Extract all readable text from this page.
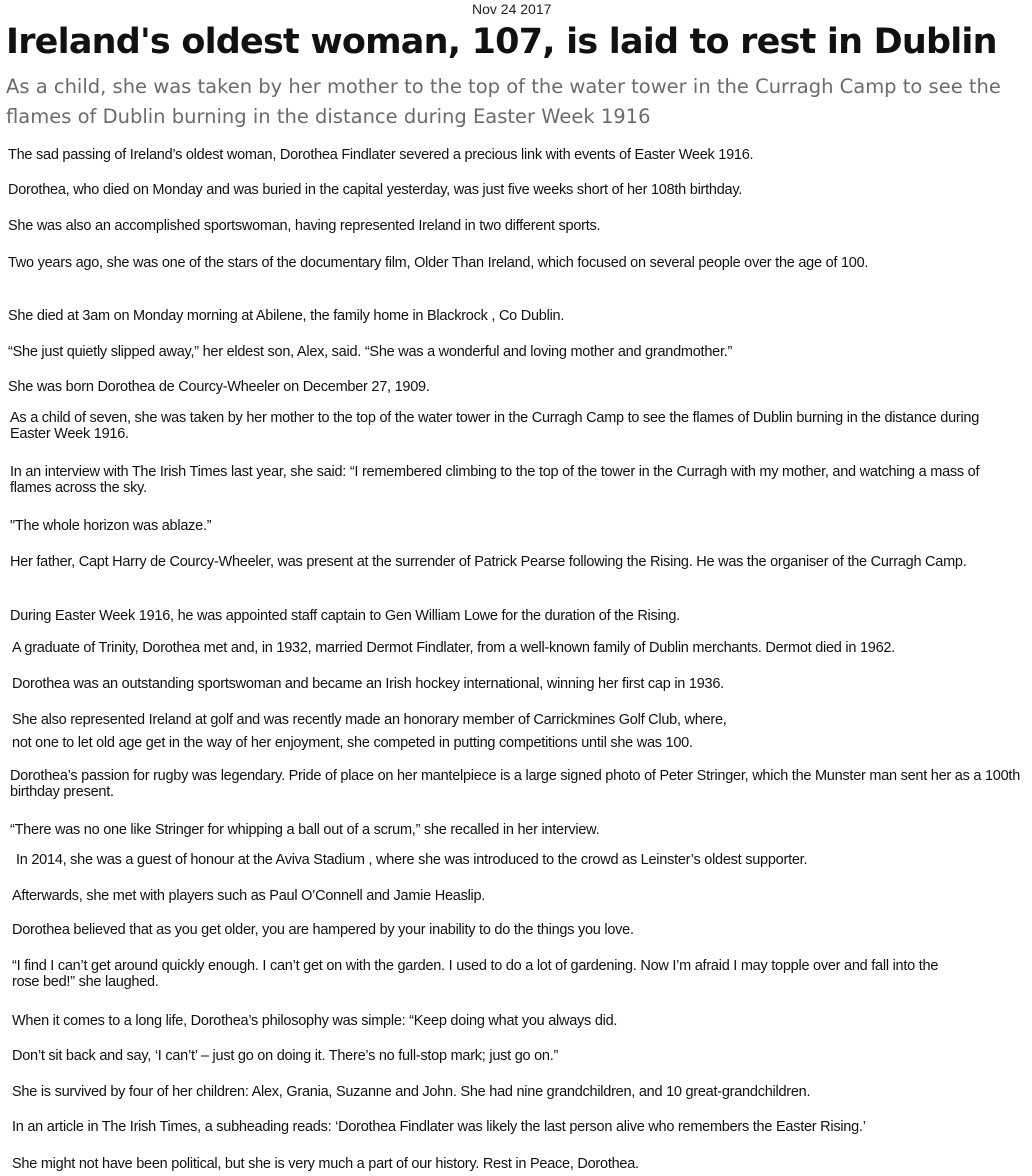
Nov 24 2017
Ireland's oldest woman, 107, is laid to rest in Dublin
As a child, she was taken by her mother to the top of the water tower in the Curragh Camp to see the flames of Dublin burning in the distance during Easter Week 1916

The sad passing of Ireland’s oldest woman, Dorothea Findlater severed a precious link with events of Easter Week 1916.

Dorothea, who died on Monday and was buried in the capital yesterday, was just five weeks short of her 108th birthday.

She was also an accomplished sportswoman, having represented Ireland in two different sports.

Two years ago, she was one of the stars of the documentary film, Older Than Ireland, which focused on several people over the age of 100.

She died at 3am on Monday morning at Abilene, the family home in Blackrock , Co Dublin.

“She just quietly slipped away,” her eldest son, Alex, said. “She was a wonderful and loving mother and grandmother.”

She was born Dorothea de Courcy-Wheeler on December 27, 1909.

As a child of seven, she was taken by her mother to the top of the water tower in the Curragh Camp to see the flames of Dublin burning in the distance during Easter Week 1916.

In an interview with The Irish Times last year, she said: “I remembered climbing to the top of the tower in the Curragh with my mother, and watching a mass of flames across the sky.

"The whole horizon was ablaze.”

Her father, Capt Harry de Courcy-Wheeler, was present at the surrender of Patrick Pearse following the Rising. He was the organiser of the Curragh Camp.

During Easter Week 1916, he was appointed staff captain to Gen William Lowe for the duration of the Rising.

A graduate of Trinity, Dorothea met and, in 1932, married Dermot Findlater, from a well-known family of Dublin merchants. Dermot died in 1962.

Dorothea was an outstanding sportswoman and became an Irish hockey international, winning her first cap in 1936.

She also represented Ireland at golf and was recently made an honorary member of Carrickmines Golf Club, where,

not one to let old age get in the way of her enjoyment, she competed in putting competitions until she was 100.

Dorothea’s passion for rugby was legendary. Pride of place on her mantelpiece is a large signed photo of Peter Stringer, which the Munster man sent her as a 100th birthday present.

“There was no one like Stringer for whipping a ball out of a scrum,” she recalled in her interview.

In 2014, she was a guest of honour at the Aviva Stadium , where she was introduced to the crowd as Leinster’s oldest supporter.

Afterwards, she met with players such as Paul O’Connell and Jamie Heaslip.

Dorothea believed that as you get older, you are hampered by your inability to do the things you love.

“I find I can’t get around quickly enough. I can’t get on with the garden. I used to do a lot of gardening. Now I’m afraid I may topple over and fall into the rose bed!” she laughed.

When it comes to a long life, Dorothea’s philosophy was simple: “Keep doing what you always did.

Don’t sit back and say, ‘I can’t’ – just go on doing it. There’s no full-stop mark; just go on.”

She is survived by four of her children: Alex, Grania, Suzanne and John. She had nine grandchildren, and 10 great-grandchildren.

In an article in The Irish Times, a subheading reads: ‘Dorothea Findlater was likely the last person alive who remembers the Easter Rising.’

She might not have been political, but she is very much a part of our history. Rest in Peace, Dorothea.
